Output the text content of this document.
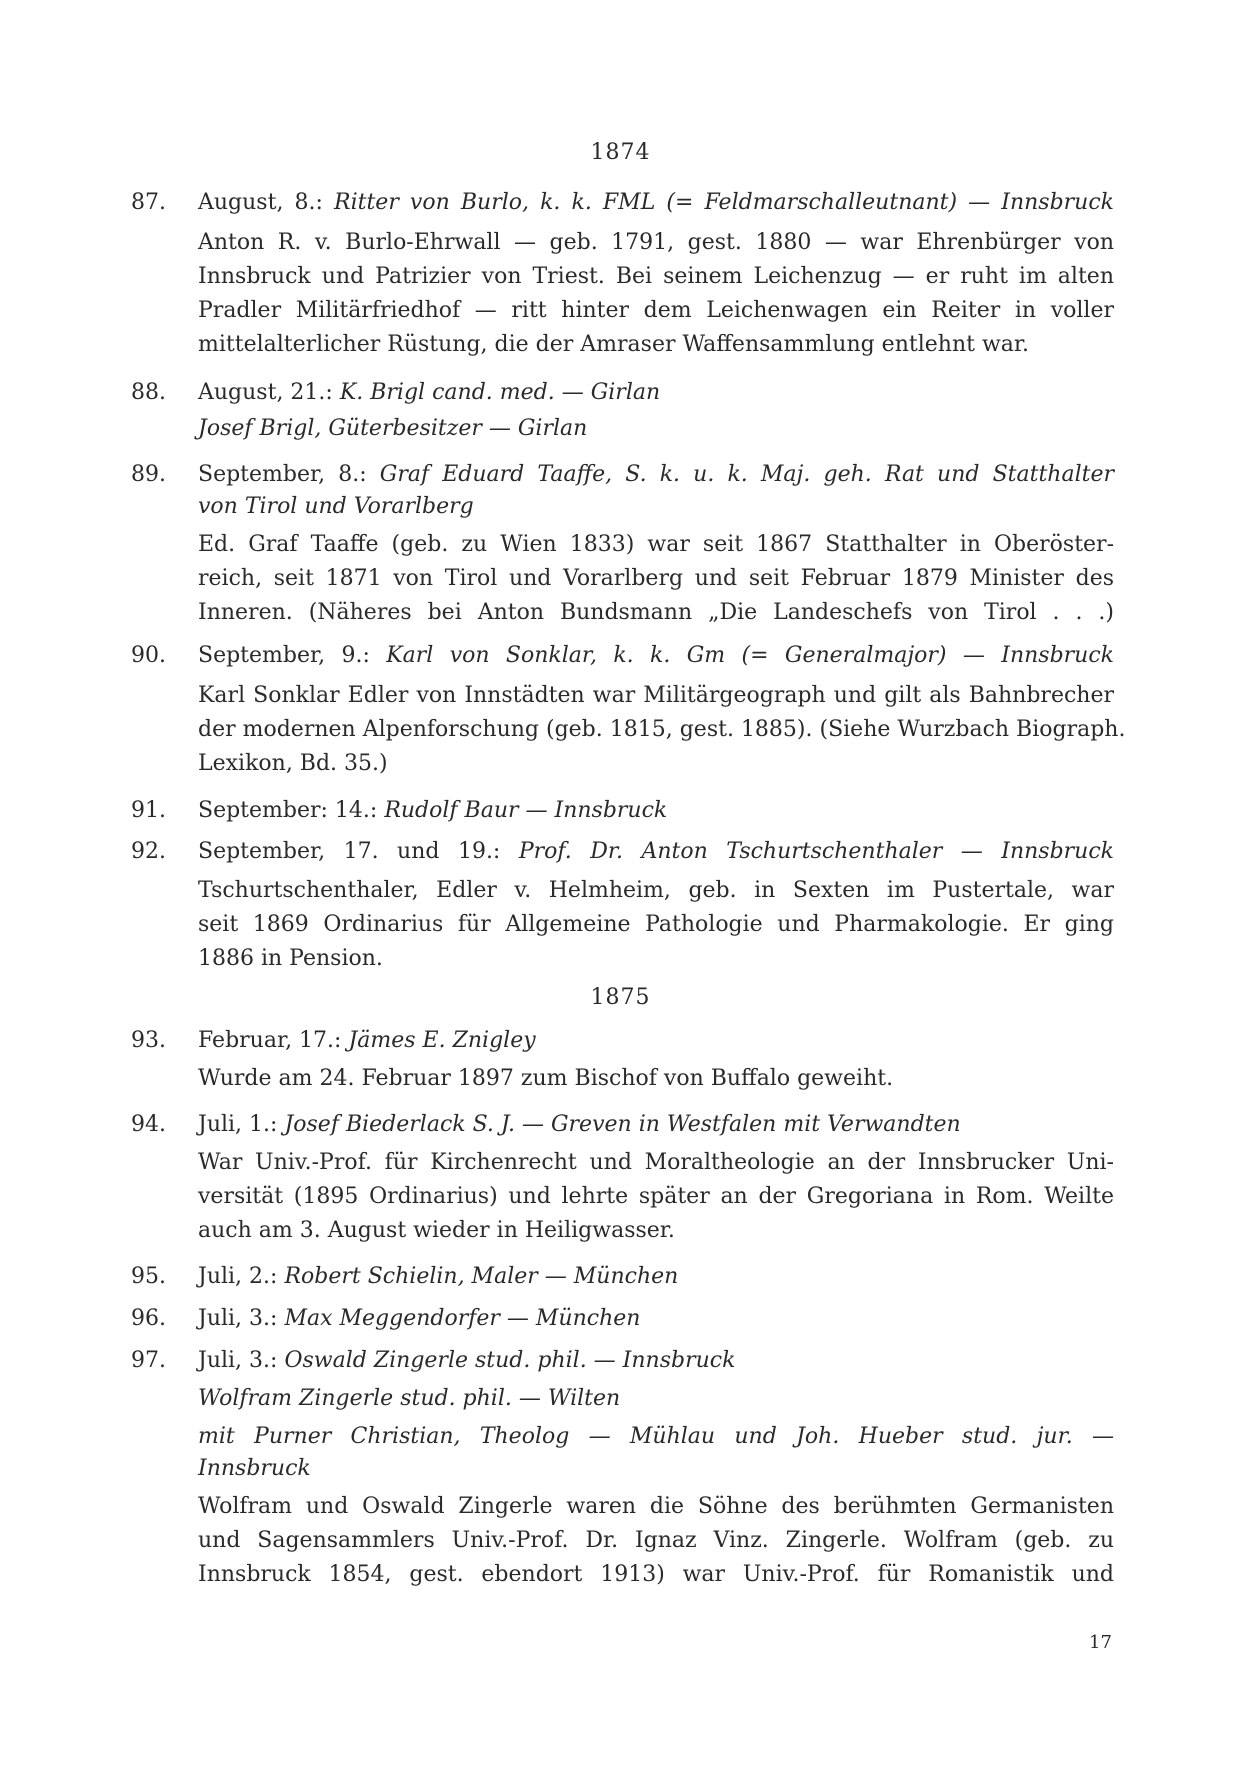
1874
87. August, 8.: Ritter von Burlo, k. k. FML (= Feldmarschalleutnant) — Innsbruck
Anton R. v. Burlo-Ehrwall — geb. 1791, gest. 1880 — war Ehrenbürger von
Innsbruck und Patrizier von Triest. Bei seinem Leichenzug — er ruht im alten
Pradler Militärfriedhof — ritt hinter dem Leichenwagen ein Reiter in voller
mittelalterlicher Rüstung, die der Amraser Waffensammlung entlehnt war.
88. August, 21.: K. Brigl cand. med. — Girlan
Josef Brigl, Güterbesitzer — Girlan
89. September, 8.: Graf Eduard Taaffe, S. k. u. k. Maj. geh. Rat und Statthalter
von Tirol und Vorarlberg
Ed. Graf Taaffe (geb. zu Wien 1833) war seit 1867 Statthalter in Oberöster-
reich, seit 1871 von Tirol und Vorarlberg und seit Februar 1879 Minister des
Inneren. (Näheres bei Anton Bundsmann „Die Landeschefs von Tirol . . .)
90. September, 9.: Karl von Sonklar, k. k. Gm (= Generalmajor) — Innsbruck
Karl Sonklar Edler von Innstädten war Militärgeograph und gilt als Bahnbrecher
der modernen Alpenforschung (geb. 1815, gest. 1885). (Siehe Wurzbach Biograph.
Lexikon, Bd. 35.)
91. September: 14.: Rudolf Baur — Innsbruck
92. September, 17. und 19.: Prof. Dr. Anton Tschurtschenthaler — Innsbruck
Tschurtschenthaler, Edler v. Helmheim, geb. in Sexten im Pustertale, war
seit 1869 Ordinarius für Allgemeine Pathologie und Pharmakologie. Er ging
1886 in Pension.
1875
93. Februar, 17.: Jämes E. Znigley
Wurde am 24. Februar 1897 zum Bischof von Buffalo geweiht.
94. Juli, 1.: Josef Biederlack S. J. — Greven in Westfalen mit Verwandten
War Univ.-Prof. für Kirchenrecht und Moraltheologie an der Innsbrucker Uni-
versität (1895 Ordinarius) und lehrte später an der Gregoriana in Rom. Weilte
auch am 3. August wieder in Heiligwasser.
95. Juli, 2.: Robert Schielin, Maler — München
96. Juli, 3.: Max Meggendorfer — München
97. Juli, 3.: Oswald Zingerle stud. phil. — Innsbruck
Wolfram Zingerle stud. phil. — Wilten
mit Purner Christian, Theolog — Mühlau und Joh. Hueber stud. jur. —
Innsbruck
Wolfram und Oswald Zingerle waren die Söhne des berühmten Germanisten
und Sagensammlers Univ.-Prof. Dr. Ignaz Vinz. Zingerle. Wolfram (geb. zu
Innsbruck 1854, gest. ebendort 1913) war Univ.-Prof. für Romanistik und
17
